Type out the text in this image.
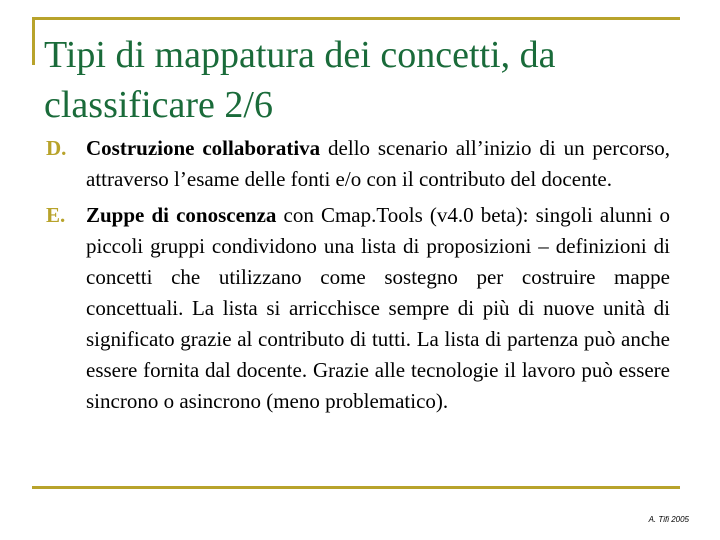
Tipi di mappatura dei concetti, da classificare 2/6
D. Costruzione collaborativa dello scenario all’inizio di un percorso, attraverso l’esame delle fonti e/o con il contributo del docente.
E. Zuppe di conoscenza con Cmap.Tools (v4.0 beta): singoli alunni o piccoli gruppi condividono una lista di proposizioni – definizioni di concetti che utilizzano come sostegno per costruire mappe concettuali. La lista si arricchisce sempre di più di nuove unità di significato grazie al contributo di tutti. La lista di partenza può anche essere fornita dal docente. Grazie alle tecnologie il lavoro può essere sincrono o asincrono (meno problematico).
A. Tifi 2005
